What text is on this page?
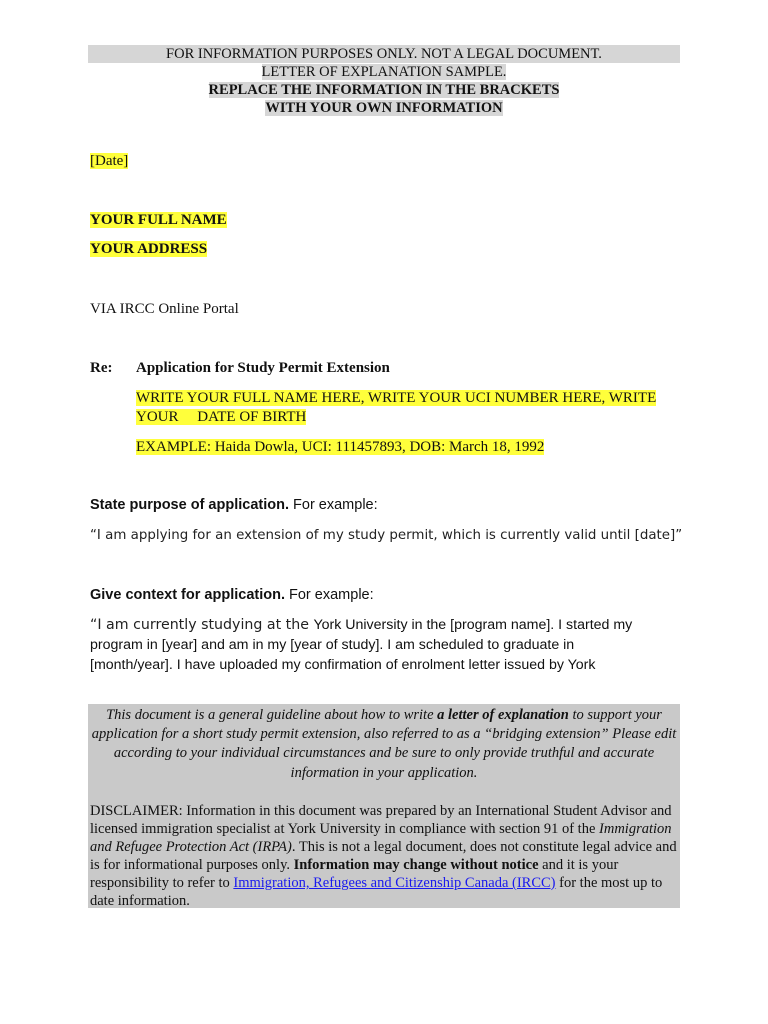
FOR INFORMATION PURPOSES ONLY. NOT A LEGAL DOCUMENT.
LETTER OF EXPLANATION SAMPLE.
REPLACE THE INFORMATION IN THE BRACKETS
WITH YOUR OWN INFORMATION
[Date]
YOUR FULL NAME
YOUR ADDRESS
VIA IRCC Online Portal
Re: Application for Study Permit Extension
WRITE YOUR FULL NAME HERE, WRITE YOUR UCI NUMBER HERE, WRITE
YOUR     DATE OF BIRTH
EXAMPLE: Haida Dowla, UCI: 111457893, DOB: March 18, 1992
State purpose of application. For example:
“I am applying for an extension of my study permit, which is currently valid until [date]”
Give context for application. For example:
“I am currently studying at the York University in the [program name]. I started my
program in [year] and am in my [year of study]. I am scheduled to graduate in
[month/year]. I have uploaded my confirmation of enrolment letter issued by York
This document is a general guideline about how to write a letter of explanation to support your application for a short study permit extension, also referred to as a “bridging extension” Please edit according to your individual circumstances and be sure to only provide truthful and accurate information in your application.
DISCLAIMER: Information in this document was prepared by an International Student Advisor and licensed immigration specialist at York University in compliance with section 91 of the Immigration and Refugee Protection Act (IRPA). This is not a legal document, does not constitute legal advice and is for informational purposes only. Information may change without notice and it is your responsibility to refer to Immigration, Refugees and Citizenship Canada (IRCC) for the most up to date information.
